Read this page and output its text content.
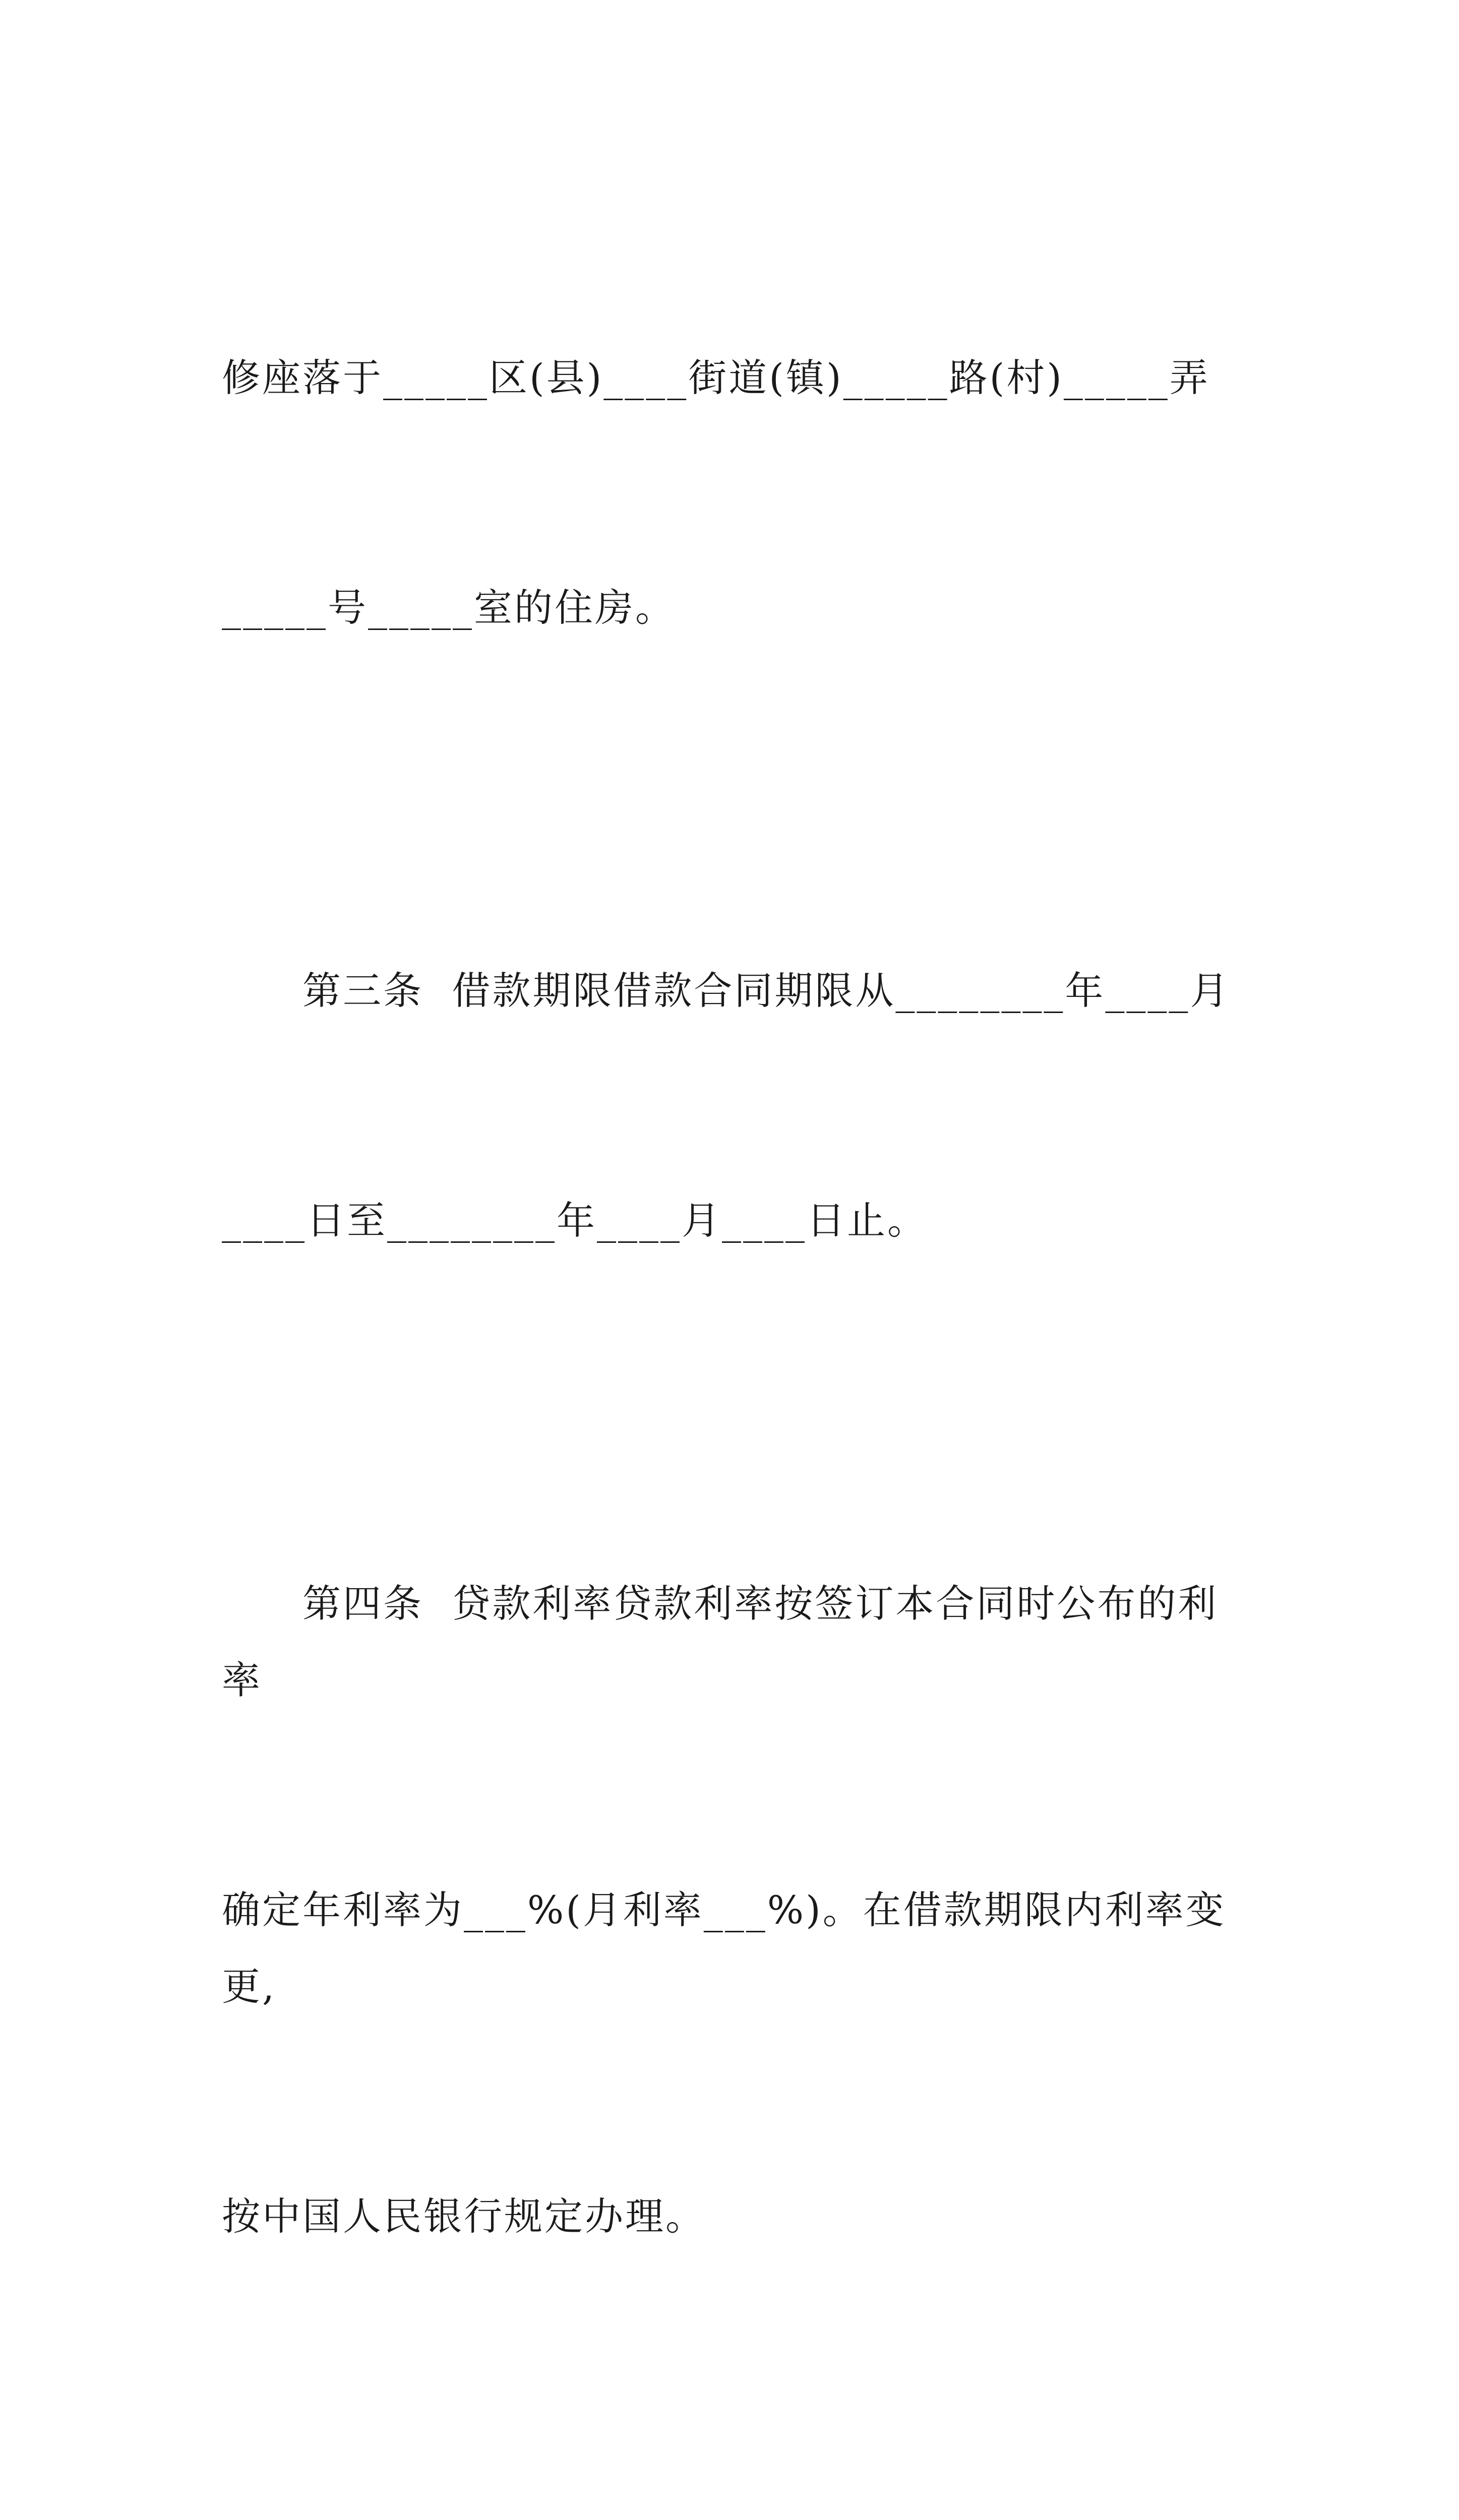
修座落于_____区(县)____街道(镇)_____路(村)_____弄

_____号_____室的住房。

第三条  借款期限借款合同期限从________年____月

____日至________年____月____日止。

第四条  贷款利率贷款利率按签订本合同时公布的利率

确定年利率为___%(月利率___%)。在借款期限内利率变更,

按中国人民银行规定办理。
